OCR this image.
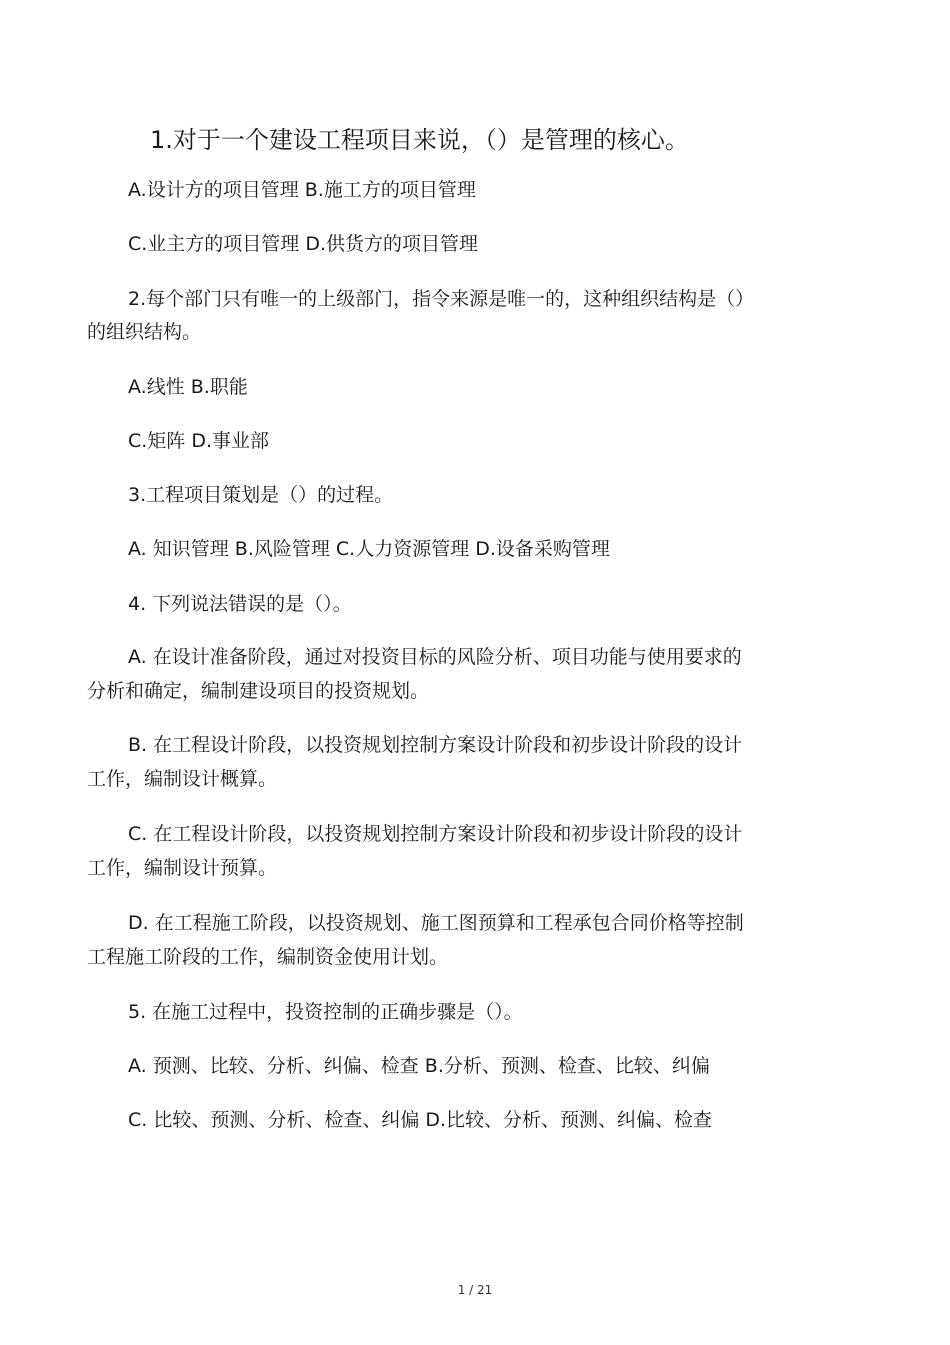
1.对于一个建设工程项目来说，（）是管理的核心。
A.设计方的项目管理 B.施工方的项目管理
C.业主方的项目管理 D.供货方的项目管理
2.每个部门只有唯一的上级部门，指令来源是唯一的，这种组织结构是（）
的组织结构。
A.线性 B.职能
C.矩阵 D.事业部
3.工程项目策划是（）的过程。
A. 知识管理 B.风险管理 C.人力资源管理 D.设备采购管理
4. 下列说法错误的是（）。
A. 在设计准备阶段，通过对投资目标的风险分析、项目功能与使用要求的
分析和确定，编制建设项目的投资规划。
B. 在工程设计阶段，以投资规划控制方案设计阶段和初步设计阶段的设计
工作，编制设计概算。
C. 在工程设计阶段，以投资规划控制方案设计阶段和初步设计阶段的设计
工作，编制设计预算。
D. 在工程施工阶段，以投资规划、施工图预算和工程承包合同价格等控制
工程施工阶段的工作，编制资金使用计划。
5. 在施工过程中，投资控制的正确步骤是（）。
A. 预测、比较、分析、纠偏、检查 B.分析、预测、检查、比较、纠偏
C. 比较、预测、分析、检查、纠偏 D.比较、分析、预测、纠偏、检查
1 / 21
